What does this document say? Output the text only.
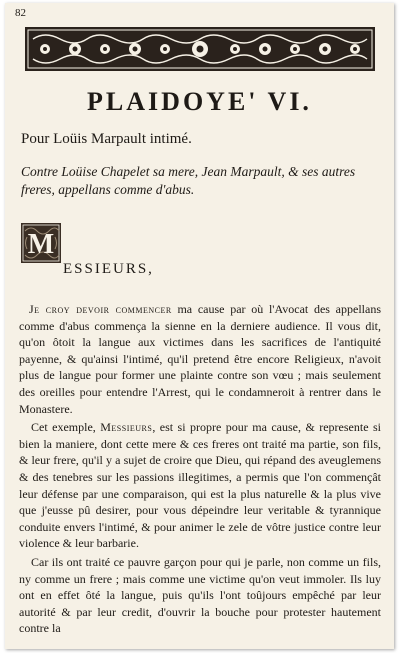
82
PLAIDOYE' VI.
Pour Loüis Marpault intimé.
Contre Loüise Chapelet sa mere, Jean Marpault, & ses autres freres, appellans comme d'abus.
M
ESSIEURS,

Je croy devoir commencer ma cause par où l'Avocat des appellans comme d'abus commença la sienne en la derniere audience. Il vous dit, qu'on ôtoit la langue aux victimes dans les sacrifices de l'antiquité payenne, & qu'ainsi l'intimé, qu'il pretend être encore Religieux, n'avoit plus de langue pour former une plainte contre son vœu ; mais seulement des oreilles pour entendre l'Arrest, qui le condamneroit à rentrer dans le Monastere.

Cet exemple, Messieurs, est si propre pour ma cause, & represente si bien la maniere, dont cette mere & ces freres ont traité ma partie, son fils, & leur frere, qu'il y a sujet de croire que Dieu, qui répand des aveuglemens & des tenebres sur les passions illegitimes, a permis que l'on commençât leur défense par une comparaison, qui est la plus naturelle & la plus vive que j'eusse pû desirer, pour vous dépeindre leur veritable & tyrannique conduite envers l'intimé, & pour animer le zele de vôtre justice contre leur violence & leur barbarie.

Car ils ont traité ce pauvre garçon pour qui je parle, non comme un fils, ny comme un frere ; mais comme une victime qu'on veut immoler. Ils luy ont en effet ôté la langue, puis qu'ils l'ont toûjours empêché par leur autorité & par leur credit, d'ouvrir la bouche pour protester hautement contre la
